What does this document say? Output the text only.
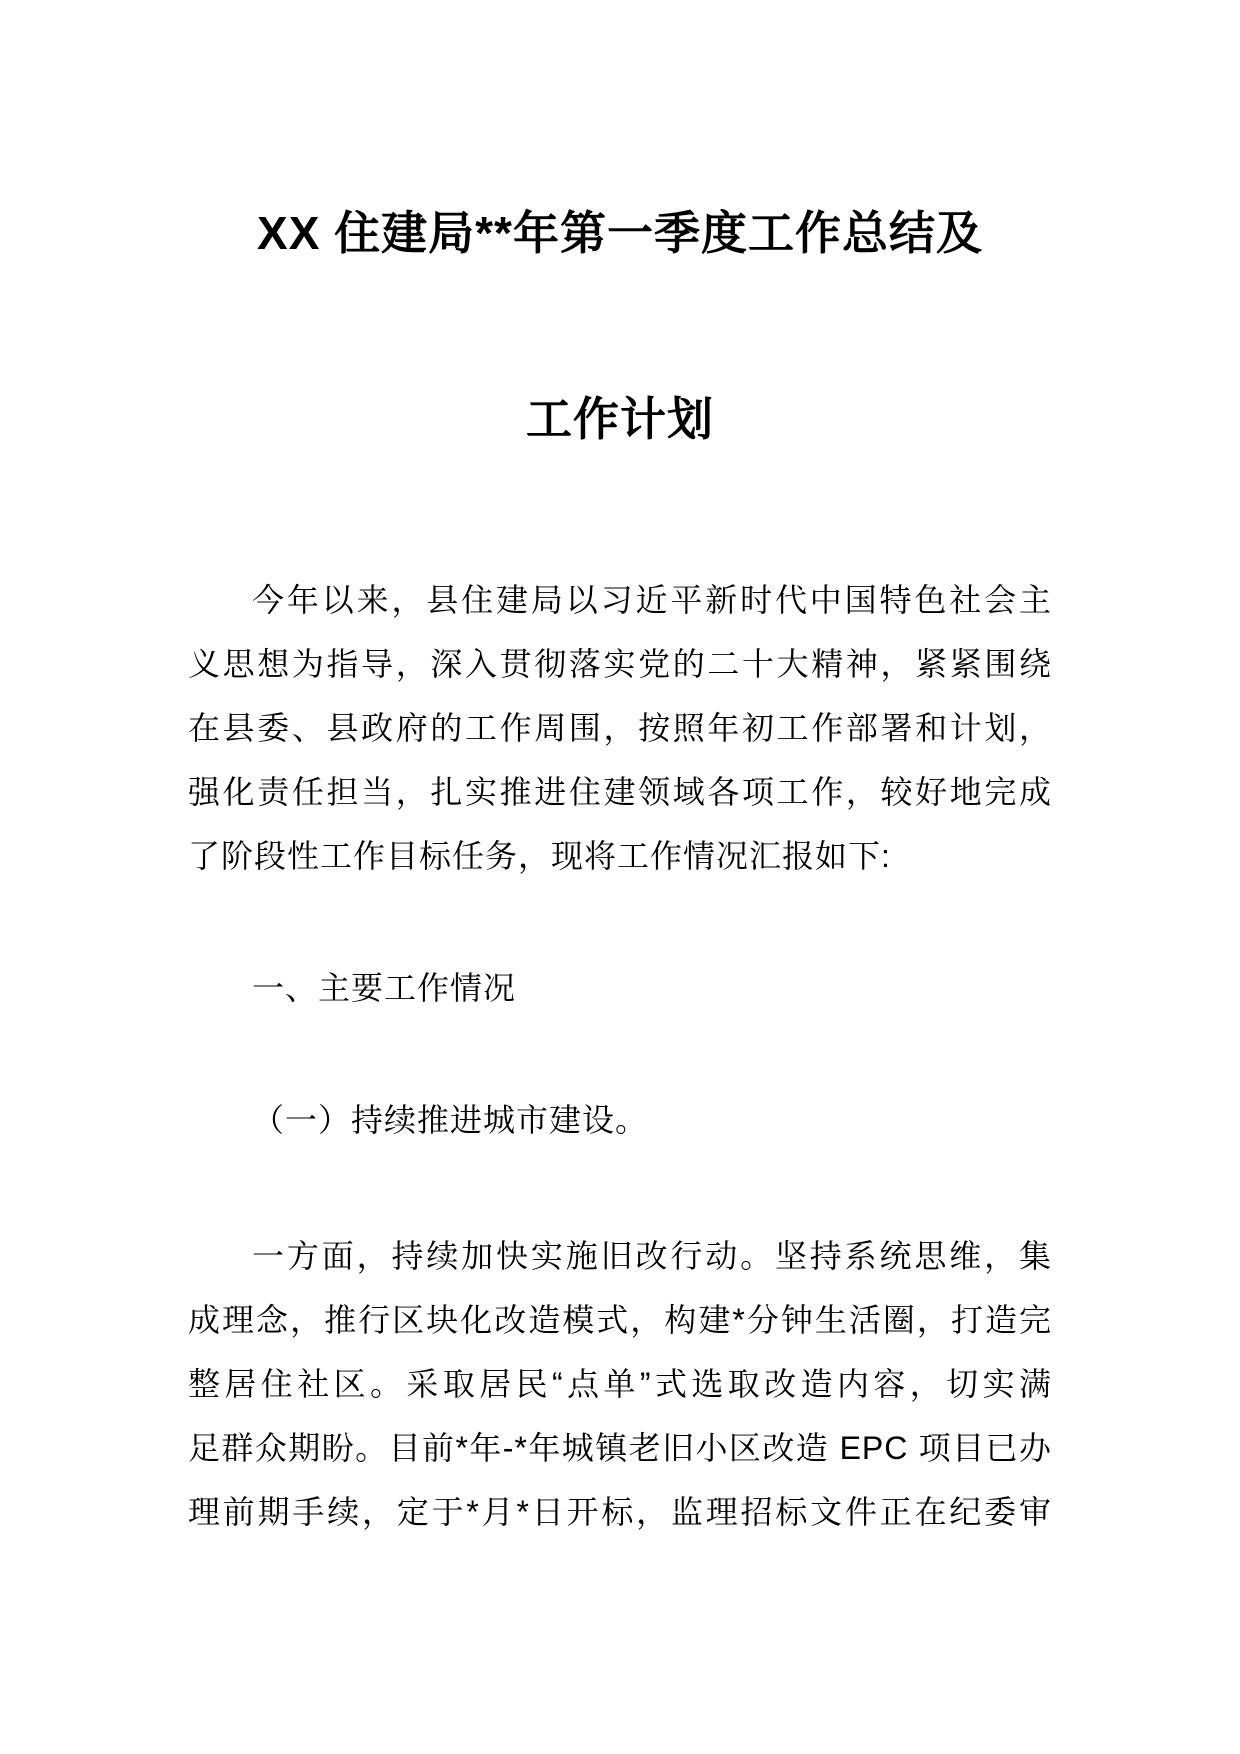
XX 住建局**年第一季度工作总结及
工作计划
今年以来，县住建局以习近平新时代中国特色社会主
义思想为指导，深入贯彻落实党的二十大精神，紧紧围绕
在县委、县政府的工作周围，按照年初工作部署和计划，
强化责任担当，扎实推进住建领域各项工作，较好地完成
了阶段性工作目标任务，现将工作情况汇报如下:
一、主要工作情况
（一）持续推进城市建设。
一方面，持续加快实施旧改行动。坚持系统思维，集
成理念，推行区块化改造模式，构建*分钟生活圈，打造完
整居住社区。采取居民“点单”式选取改造内容，切实满
足群众期盼。目前*年-*年城镇老旧小区改造 EPC 项目已办
理前期手续，定于*月*日开标，监理招标文件正在纪委审
